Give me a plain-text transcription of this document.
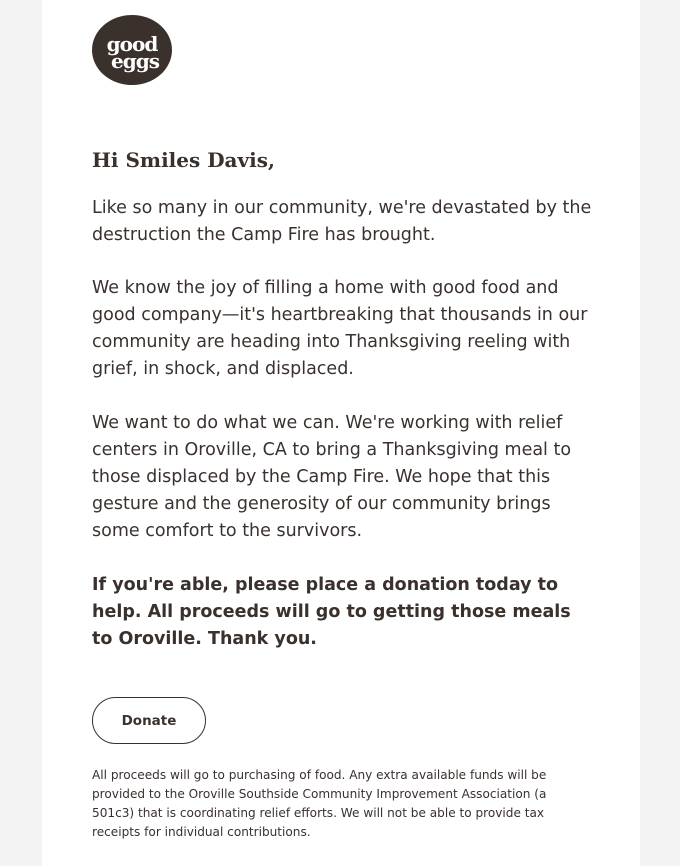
good
eggs
Hi Smiles Davis,

Like so many in our community, we're devastated by the destruction the Camp Fire has brought.

We know the joy of filling a home with good food and good company—it's heartbreaking that thousands in our community are heading into Thanksgiving reeling with grief, in shock, and displaced.

We want to do what we can. We're working with relief centers in Oroville, CA to bring a Thanksgiving meal to those displaced by the Camp Fire. We hope that this gesture and the generosity of our community brings some comfort to the survivors.

If you're able, please place a donation today to help. All proceeds will go to getting those meals to Oroville. Thank you.

Donate

All proceeds will go to purchasing of food. Any extra available funds will be provided to the Oroville Southside Community Improvement Association (a 501c3) that is coordinating relief efforts. We will not be able to provide tax receipts for individual contributions.
